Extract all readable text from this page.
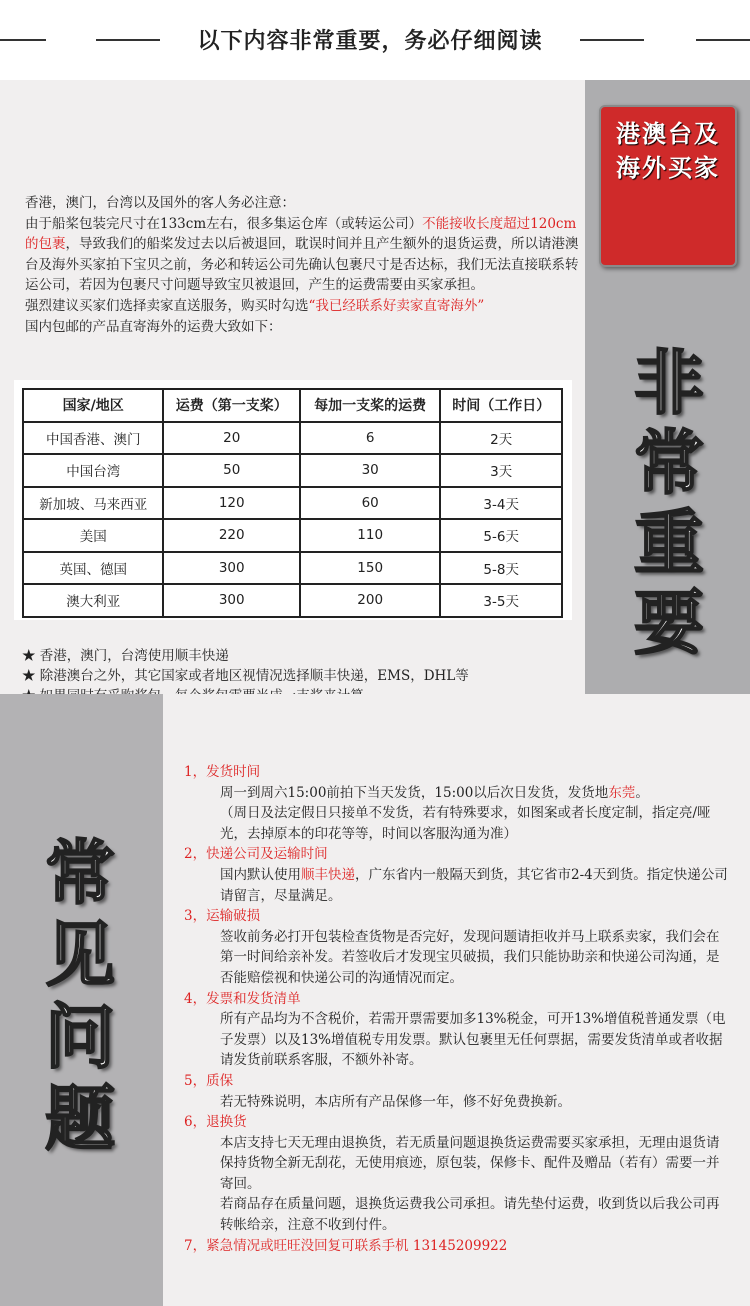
以下内容非常重要，务必仔细阅读
港澳台及
海外买家
非
常
重
要
香港，澳门，台湾以及国外的客人务必注意：
由于船桨包装完尺寸在133cm左右，很多集运仓库（或转运公司）不能接收长度超过120cm的包裹，导致我们的船桨发过去以后被退回，耽误时间并且产生额外的退货运费，所以请港澳台及海外买家拍下宝贝之前，务必和转运公司先确认包裹尺寸是否达标，我们无法直接联系转运公司，若因为包裹尺寸问题导致宝贝被退回，产生的运费需要由买家承担。
强烈建议买家们选择卖家直送服务，购买时勾选“我已经联系好卖家直寄海外”
国内包邮的产品直寄海外的运费大致如下：
国家/地区	运费（第一支桨）	每加一支桨的运费	时间（工作日）
中国香港、澳门	20	6	2天
中国台湾	50	30	3天
新加坡、马来西亚	120	60	3-4天
美国	220	110	5-6天
英国、德国	300	150	5-8天
澳大利亚	300	200	3-5天
★ 香港，澳门，台湾使用顺丰快递
★ 除港澳台之外，其它国家或者地区视情况选择顺丰快递，EMS，DHL等
常
见
问
题
1，发货时间
周一到周六15:00前拍下当天发货，15:00以后次日发货，发货地东莞。
（周日及法定假日只接单不发货，若有特殊要求，如图案或者长度定制，指定亮/哑光，去掉原本的印花等等，时间以客服沟通为准）
2，快递公司及运输时间
国内默认使用顺丰快递，广东省内一般隔天到货，其它省市2-4天到货。指定快递公司请留言，尽量满足。
3，运输破损
签收前务必打开包装检查货物是否完好，发现问题请拒收并马上联系卖家，我们会在第一时间给亲补发。若签收后才发现宝贝破损，我们只能协助亲和快递公司沟通，是否能赔偿视和快递公司的沟通情况而定。
4，发票和发货清单
所有产品均为不含税价，若需开票需要加多13%税金，可开13%增值税普通发票（电子发票）以及13%增值税专用发票。默认包裹里无任何票据，需要发货清单或者收据请发货前联系客服，不额外补寄。
5，质保
若无特殊说明，本店所有产品保修一年，修不好免费换新。
6，退换货
本店支持七天无理由退换货，若无质量问题退换货运费需要买家承担，无理由退货请保持货物全新无刮花，无使用痕迹，原包装，保修卡、配件及赠品（若有）需要一并寄回。
若商品存在质量问题，退换货运费我公司承担。请先垫付运费，收到货以后我公司再转帐给亲，注意不收到付件。
7，紧急情况或旺旺没回复可联系手机 13145209922
